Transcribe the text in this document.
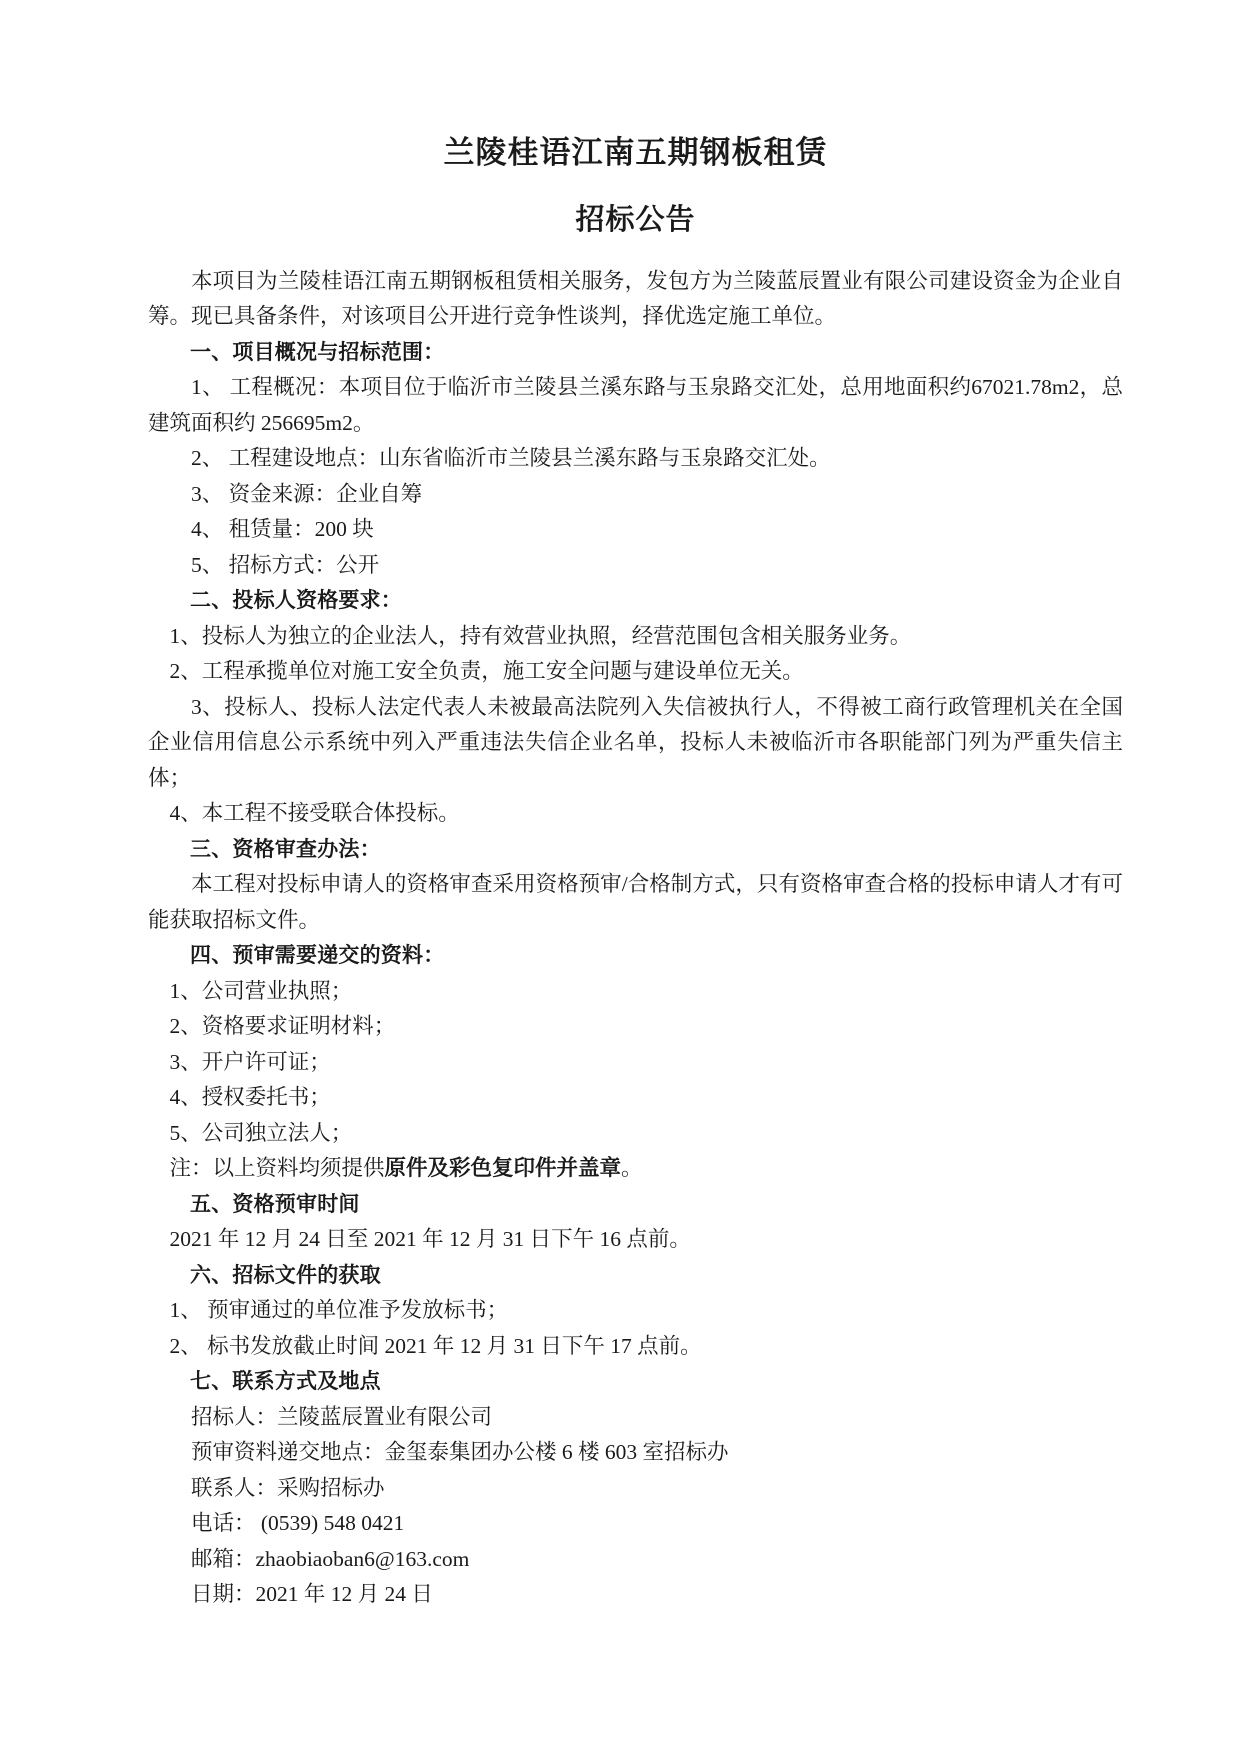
兰陵桂语江南五期钢板租赁
招标公告

本项目为兰陵桂语江南五期钢板租赁相关服务，发包方为兰陵蓝辰置业有限公司建设资金为企业自筹。现已具备条件，对该项目公开进行竞争性谈判，择优选定施工单位。

一、项目概况与招标范围：

1、 工程概况：本项目位于临沂市兰陵县兰溪东路与玉泉路交汇处，总用地面积约67021.78m2，总建筑面积约 256695m2。

2、 工程建设地点：山东省临沂市兰陵县兰溪东路与玉泉路交汇处。

3、 资金来源：企业自筹

4、 租赁量：200 块

5、 招标方式：公开

二、投标人资格要求：

1、投标人为独立的企业法人，持有效营业执照，经营范围包含相关服务业务。

2、工程承揽单位对施工安全负责，施工安全问题与建设单位无关。

3、投标人、投标人法定代表人未被最高法院列入失信被执行人，不得被工商行政管理机关在全国企业信用信息公示系统中列入严重违法失信企业名单，投标人未被临沂市各职能部门列为严重失信主体；

4、本工程不接受联合体投标。

三、资格审查办法：

本工程对投标申请人的资格审查采用资格预审/合格制方式，只有资格审查合格的投标申请人才有可能获取招标文件。

四、预审需要递交的资料：

1、公司营业执照；

2、资格要求证明材料；

3、开户许可证；

4、授权委托书；

5、公司独立法人；

注：以上资料均须提供原件及彩色复印件并盖章。

五、资格预审时间

2021 年 12 月 24 日至 2021 年 12 月 31 日下午 16 点前。

六、招标文件的获取

1、 预审通过的单位准予发放标书；

2、 标书发放截止时间 2021 年 12 月 31 日下午 17 点前。

七、联系方式及地点

招标人：兰陵蓝辰置业有限公司

预审资料递交地点：金玺泰集团办公楼 6 楼 603 室招标办

联系人：采购招标办

电话： (0539) 548 0421

邮箱：zhaobiaoban6@163.com

日期：2021 年 12 月 24 日
